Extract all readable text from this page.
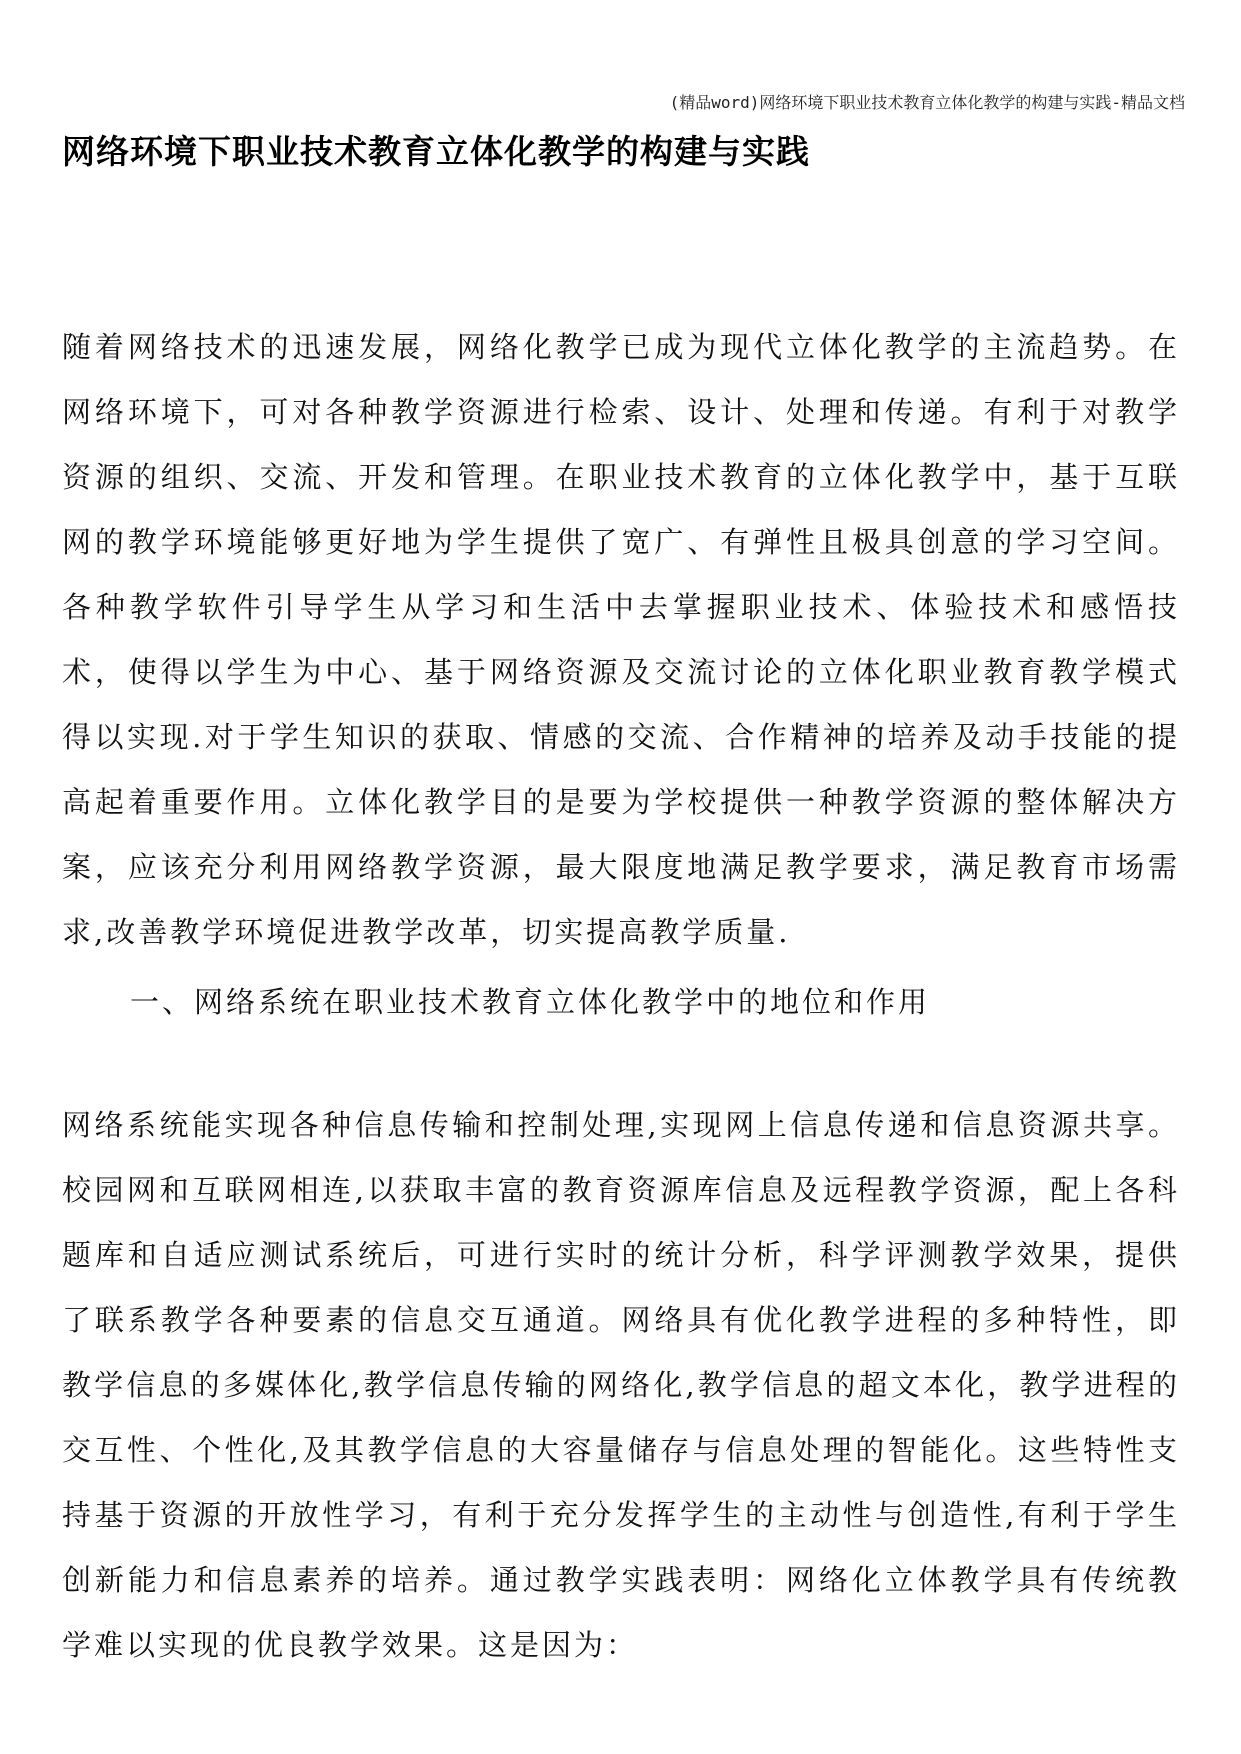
(精品word)网络环境下职业技术教育立体化教学的构建与实践-精品文档
网络环境下职业技术教育立体化教学的构建与实践

随着网络技术的迅速发展，网络化教学已成为现代立体化教学的主流趋势。在网络环境下，可对各种教学资源进行检索、设计、处理和传递。有利于对教学资源的组织、交流、开发和管理。在职业技术教育的立体化教学中，基于互联网的教学环境能够更好地为学生提供了宽广、有弹性且极具创意的学习空间。各种教学软件引导学生从学习和生活中去掌握职业技术、体验技术和感悟技术，使得以学生为中心、基于网络资源及交流讨论的立体化职业教育教学模式得以实现.对于学生知识的获取、情感的交流、合作精神的培养及动手技能的提高起着重要作用。立体化教学目的是要为学校提供一种教学资源的整体解决方案，应该充分利用网络教学资源，最大限度地满足教学要求，满足教育市场需求,改善教学环境促进教学改革，切实提高教学质量.

一、网络系统在职业技术教育立体化教学中的地位和作用

网络系统能实现各种信息传输和控制处理,实现网上信息传递和信息资源共享。校园网和互联网相连,以获取丰富的教育资源库信息及远程教学资源，配上各科题库和自适应测试系统后，可进行实时的统计分析，科学评测教学效果，提供了联系教学各种要素的信息交互通道。网络具有优化教学进程的多种特性，即教学信息的多媒体化,教学信息传输的网络化,教学信息的超文本化，教学进程的交互性、个性化,及其教学信息的大容量储存与信息处理的智能化。这些特性支持基于资源的开放性学习，有利于充分发挥学生的主动性与创造性,有利于学生创新能力和信息素养的培养。通过教学实践表明：网络化立体教学具有传统教学难以实现的优良教学效果。这是因为：
